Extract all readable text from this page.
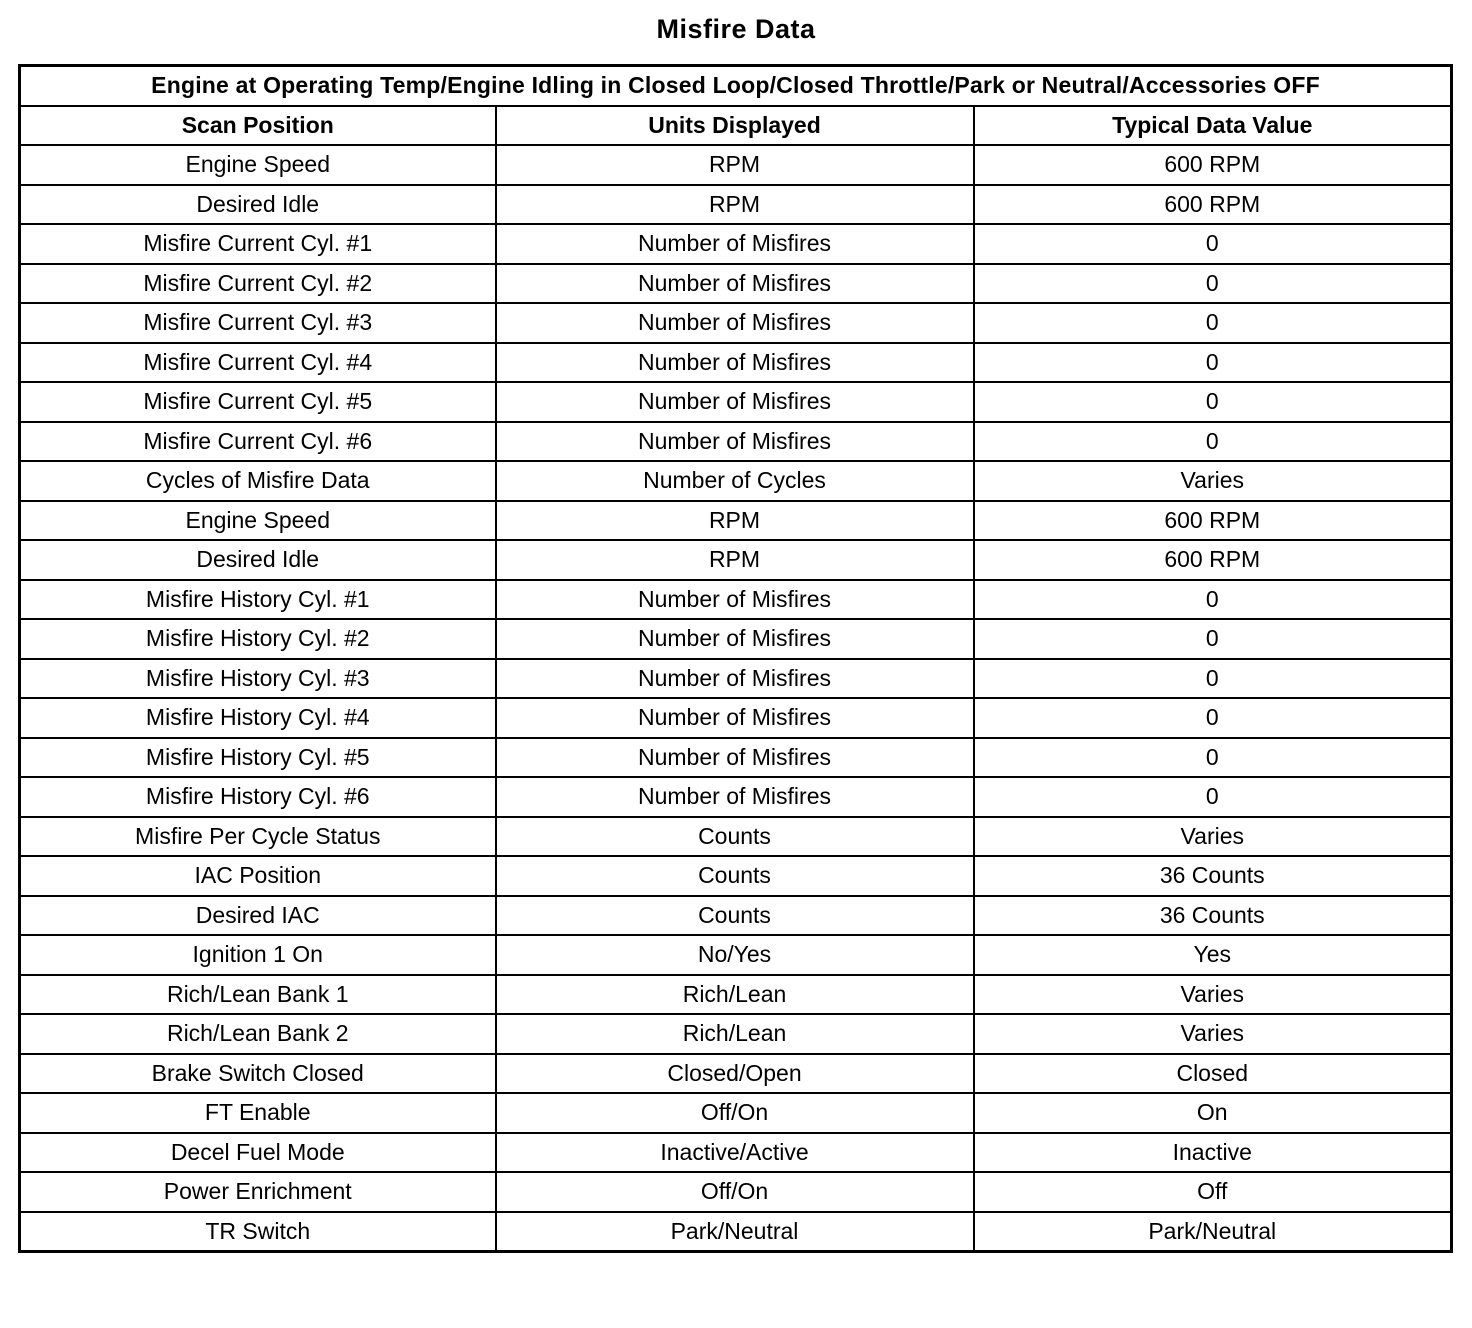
Misfire Data
Engine at Operating Temp/Engine Idling in Closed Loop/Closed Throttle/Park or Neutral/Accessories OFF		
Scan Position	Units Displayed	Typical Data Value
Engine Speed	RPM	600 RPM
Desired Idle	RPM	600 RPM
Misfire Current Cyl. #1	Number of Misfires	0
Misfire Current Cyl. #2	Number of Misfires	0
Misfire Current Cyl. #3	Number of Misfires	0
Misfire Current Cyl. #4	Number of Misfires	0
Misfire Current Cyl. #5	Number of Misfires	0
Misfire Current Cyl. #6	Number of Misfires	0
Cycles of Misfire Data	Number of Cycles	Varies
Engine Speed	RPM	600 RPM
Desired Idle	RPM	600 RPM
Misfire History Cyl. #1	Number of Misfires	0
Misfire History Cyl. #2	Number of Misfires	0
Misfire History Cyl. #3	Number of Misfires	0
Misfire History Cyl. #4	Number of Misfires	0
Misfire History Cyl. #5	Number of Misfires	0
Misfire History Cyl. #6	Number of Misfires	0
Misfire Per Cycle Status	Counts	Varies
IAC Position	Counts	36 Counts
Desired IAC	Counts	36 Counts
Ignition 1 On	No/Yes	Yes
Rich/Lean Bank 1	Rich/Lean	Varies
Rich/Lean Bank 2	Rich/Lean	Varies
Brake Switch Closed	Closed/Open	Closed
FT Enable	Off/On	On
Decel Fuel Mode	Inactive/Active	Inactive
Power Enrichment	Off/On	Off
TR Switch	Park/Neutral	Park/Neutral
